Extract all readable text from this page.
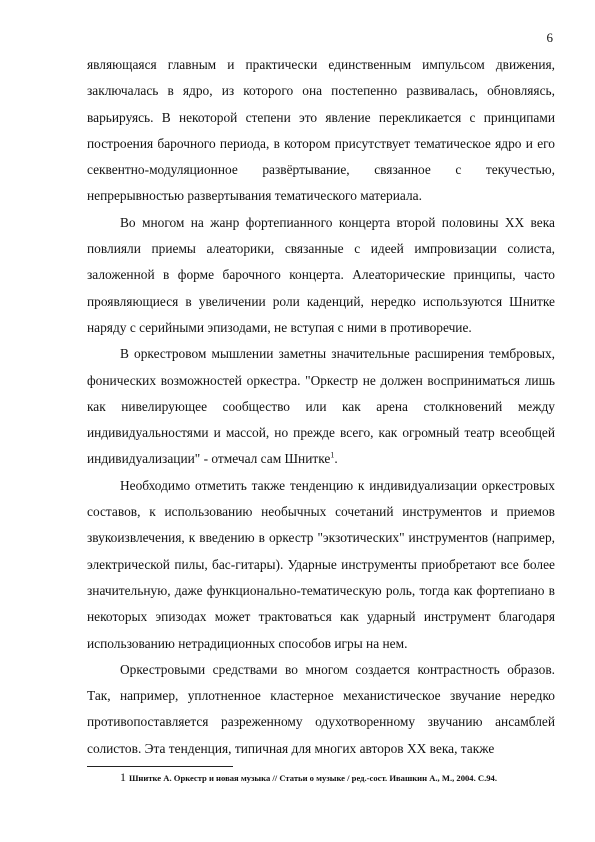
6

являющаяся главным и практически единственным импульсом движения, заключалась в ядро, из которого она постепенно развивалась, обновляясь, варьируясь. В некоторой степени это явление перекликается с принципами построения барочного периода, в котором присутствует тематическое ядро и его секвентно-модуляционное развёртывание, связанное с текучестью, непрерывностью развертывания тематического материала.

Во многом на жанр фортепианного концерта второй половины XX века повлияли приемы алеаторики, связанные с идеей импровизации солиста, заложенной в форме барочного концерта. Алеаторические принципы, часто проявляющиеся в увеличении роли каденций, нередко используются Шнитке наряду с серийными эпизодами, не вступая с ними в противоречие.

В оркестровом мышлении заметны значительные расширения тембровых, фонических возможностей оркестра. "Оркестр не должен восприниматься лишь как нивелирующее сообщество или как арена столкновений между индивидуальностями и массой, но прежде всего, как огромный театр всеобщей индивидуализации" - отмечал сам Шнитке$^1$.

Необходимо отметить также тенденцию к индивидуализации оркестровых составов, к использованию необычных сочетаний инструментов и приемов звукоизвлечения, к введению в оркестр "экзотических" инструментов (например, электрической пилы, бас-гитары). Ударные инструменты приобретают все более значительную, даже функционально-тематическую роль, тогда как фортепиано в некоторых эпизодах может трактоваться как ударный инструмент благодаря использованию нетрадиционных способов игры на нем.

Оркестровыми средствами во многом создается контрастность образов. Так, например, уплотненное кластерное механистическое звучание нередко противопоставляется разреженному одухотворенному звучанию ансамблей солистов. Эта тенденция, типичная для многих авторов XX века, также

1 Шнитке А. Оркестр и новая музыка // Статьи о музыке / ред.-сост. Ивашкин А., М., 2004. С.94.
